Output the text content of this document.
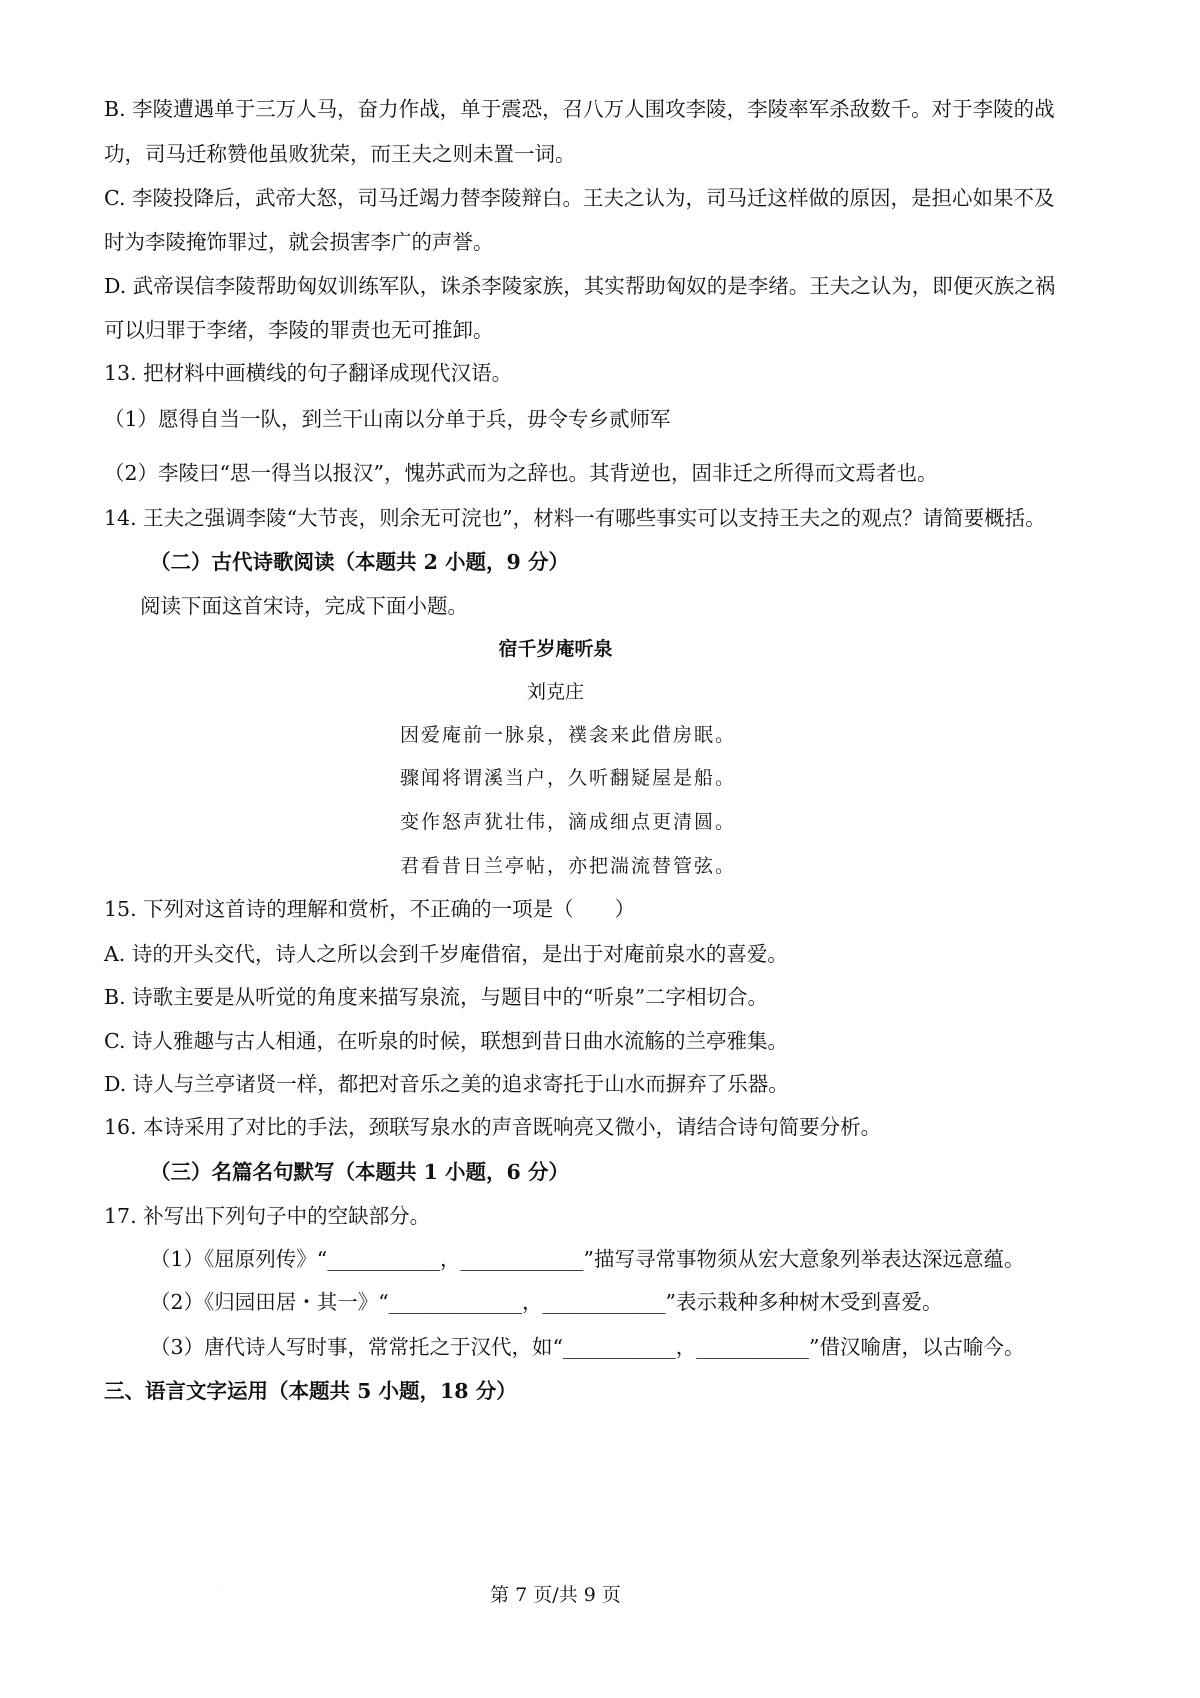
B. 李陵遭遇单于三万人马，奋力作战，单于震恐，召八万人围攻李陵，李陵率军杀敌数千。对于李陵的战
功，司马迁称赞他虽败犹荣，而王夫之则未置一词。
C. 李陵投降后，武帝大怒，司马迁竭力替李陵辩白。王夫之认为，司马迁这样做的原因，是担心如果不及
时为李陵掩饰罪过，就会损害李广的声誉。
D. 武帝误信李陵帮助匈奴训练军队，诛杀李陵家族，其实帮助匈奴的是李绪。王夫之认为，即便灭族之祸
可以归罪于李绪，李陵的罪责也无可推卸。
13. 把材料中画横线的句子翻译成现代汉语。
（1）愿得自当一队，到兰干山南以分单于兵，毋令专乡贰师军
（2）李陵曰“思一得当以报汉”，愧苏武而为之辞也。其背逆也，固非迁之所得而文焉者也。
14. 王夫之强调李陵“大节丧，则余无可浣也”，材料一有哪些事实可以支持王夫之的观点？请简要概括。
（二）古代诗歌阅读（本题共 2 小题，9 分）
阅读下面这首宋诗，完成下面小题。
宿千岁庵听泉
刘克庄
因爱庵前一脉泉，襆衾来此借房眠。
骤闻将谓溪当户，久听翻疑屋是船。
变作怒声犹壮伟，滴成细点更清圆。
君看昔日兰亭帖，亦把湍流替管弦。
15. 下列对这首诗的理解和赏析，不正确的一项是（　　）
A. 诗的开头交代，诗人之所以会到千岁庵借宿，是出于对庵前泉水的喜爱。
B. 诗歌主要是从听觉的角度来描写泉流，与题目中的“听泉”二字相切合。
C. 诗人雅趣与古人相通，在听泉的时候，联想到昔日曲水流觞的兰亭雅集。
D. 诗人与兰亭诸贤一样，都把对音乐之美的追求寄托于山水而摒弃了乐器。
16. 本诗采用了对比的手法，颈联写泉水的声音既响亮又微小，请结合诗句简要分析。
（三）名篇名句默写（本题共 1 小题，6 分）
17. 补写出下列句子中的空缺部分。
（1）《屈原列传》“___________，____________”描写寻常事物须从宏大意象列举表达深远意蕴。
（2）《归园田居・其一》“_____________，____________”表示栽种多种树木受到喜爱。
（3）唐代诗人写时事，常常托之于汉代，如“___________，___________”借汉喻唐，以古喻今。
三、语言文字运用（本题共 5 小题，18 分）
·	第 7 页/共 9 页
